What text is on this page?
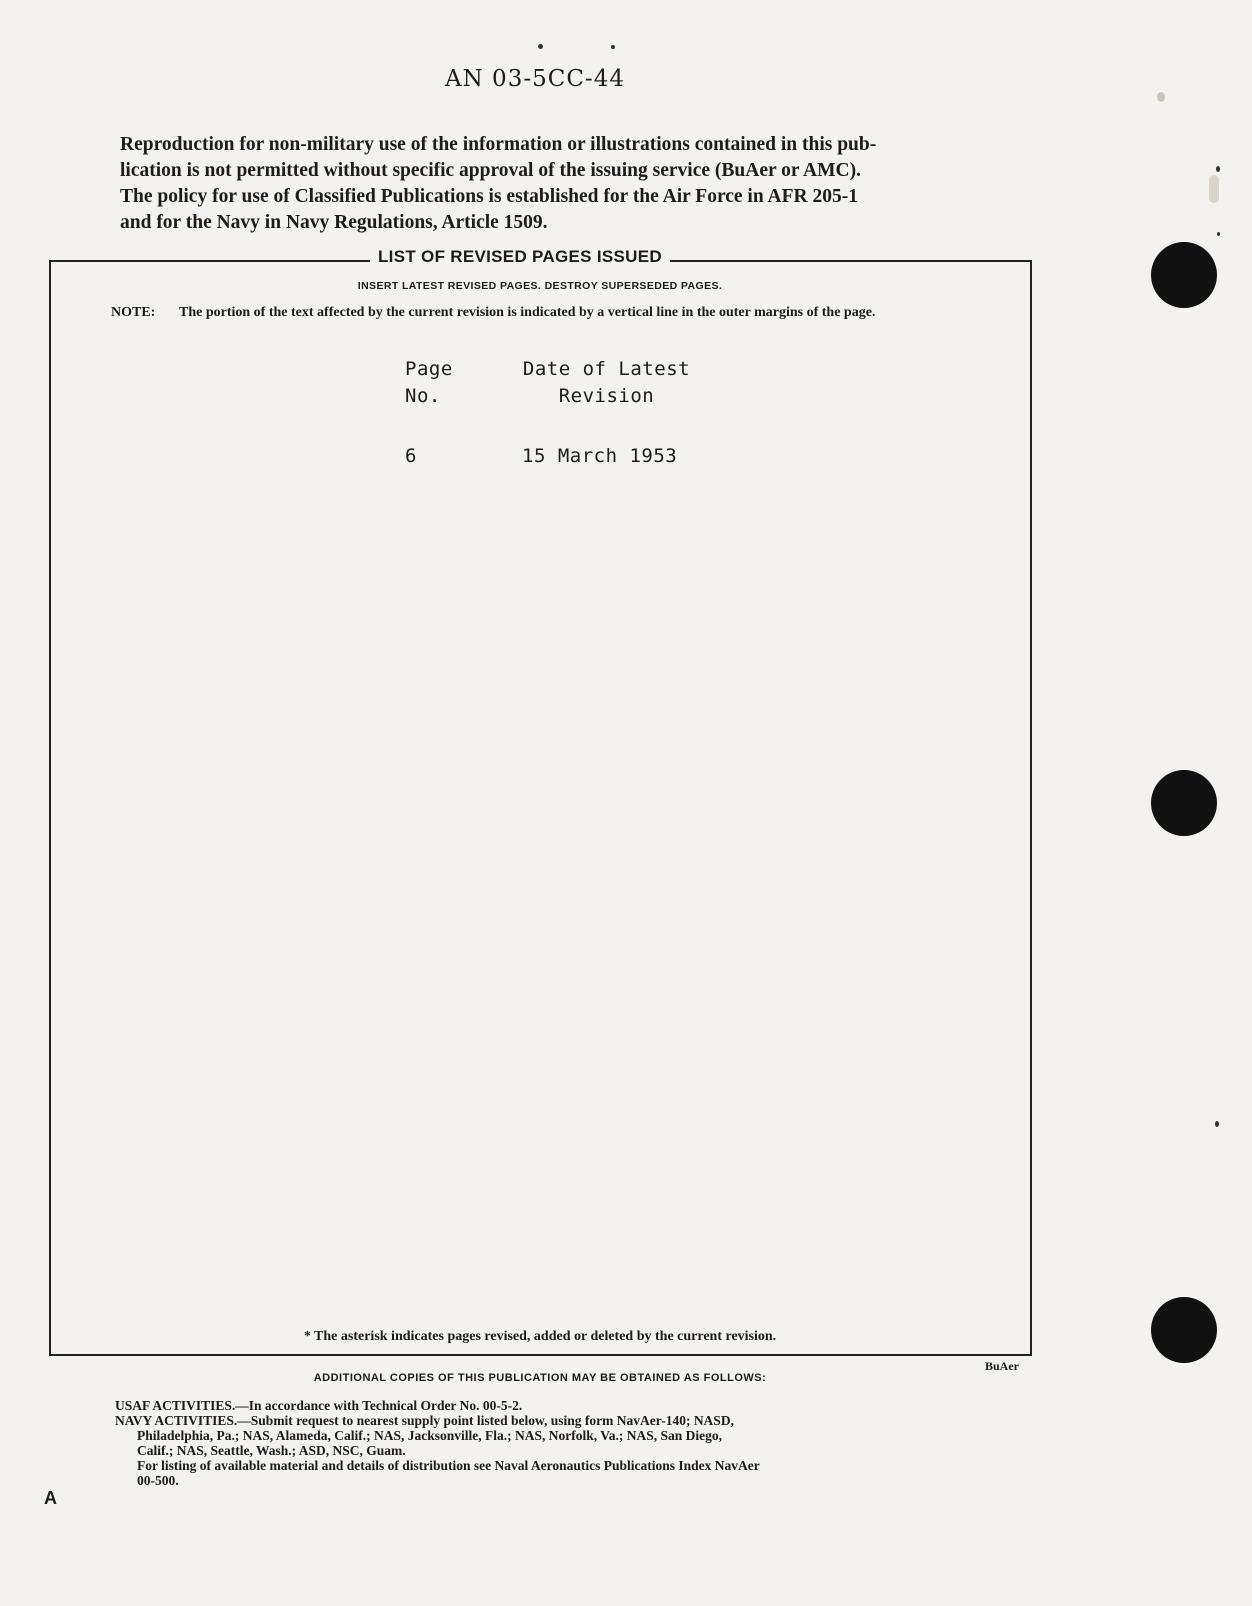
AN 03-5CC-44

Reproduction for non-military use of the information or illustrations contained in this pub-

lication is not permitted without specific approval of the issuing service (BuAer or AMC).

The policy for use of Classified Publications is established for the Air Force in AFR 205-1

and for the Navy in Navy Regulations, Article 1509.

LIST OF REVISED PAGES ISSUED
INSERT LATEST REVISED PAGES. DESTROY SUPERSEDED PAGES.
NOTE: The portion of the text affected by the current revision is indicated by a vertical line in the outer margins of the page.
Page
No.
Date of Latest
Revision
6	15 March 1953
* The asterisk indicates pages revised, added or deleted by the current revision.
BuAer
ADDITIONAL COPIES OF THIS PUBLICATION MAY BE OBTAINED AS FOLLOWS:

USAF ACTIVITIES.—In accordance with Technical Order No. 00-5-2.

NAVY ACTIVITIES.—Submit request to nearest supply point listed below, using form NavAer-140; NASD,

Philadelphia, Pa.; NAS, Alameda, Calif.; NAS, Jacksonville, Fla.; NAS, Norfolk, Va.; NAS, San Diego,

Calif.; NAS, Seattle, Wash.; ASD, NSC, Guam.

For listing of available material and details of distribution see Naval Aeronautics Publications Index NavAer

00-500.

A
